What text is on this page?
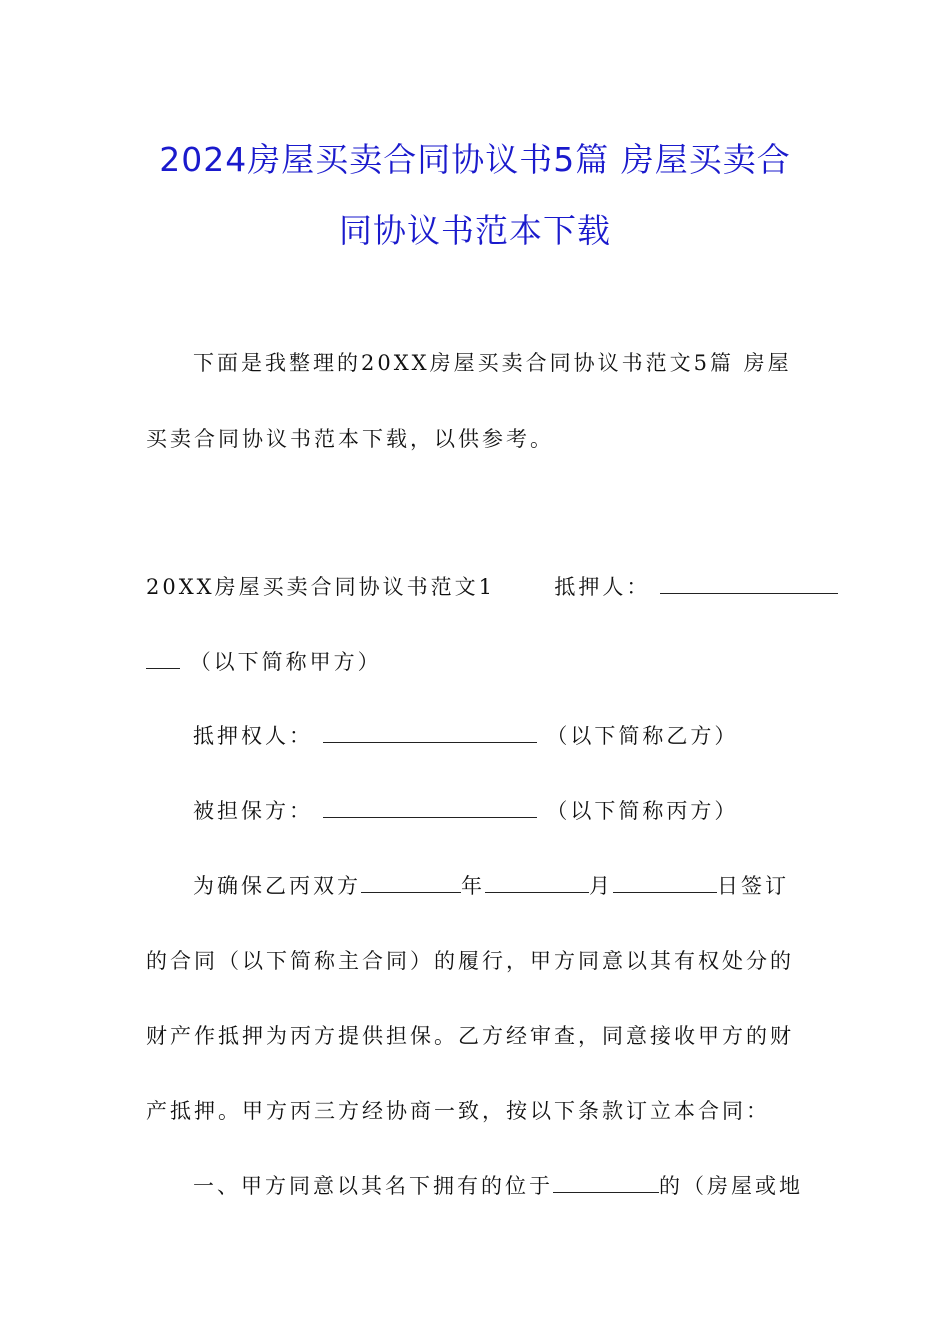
2024房屋买卖合同协议书5篇 房屋买卖合
同协议书范本下载
下面是我整理的20XX房屋买卖合同协议书范文5篇 房屋
买卖合同协议书范本下载，以供参考。
20XX房屋买卖合同协议书范文1	抵押人：
（以下简称甲方）
抵押权人：	（以下简称乙方）
被担保方：	（以下简称丙方）
为确保乙丙双方	年	月	日签订
的合同（以下简称主合同）的履行，甲方同意以其有权处分的
财产作抵押为丙方提供担保。乙方经审查，同意接收甲方的财
产抵押。甲方丙三方经协商一致，按以下条款订立本合同：
一、甲方同意以其名下拥有的位于	的（房屋或地
